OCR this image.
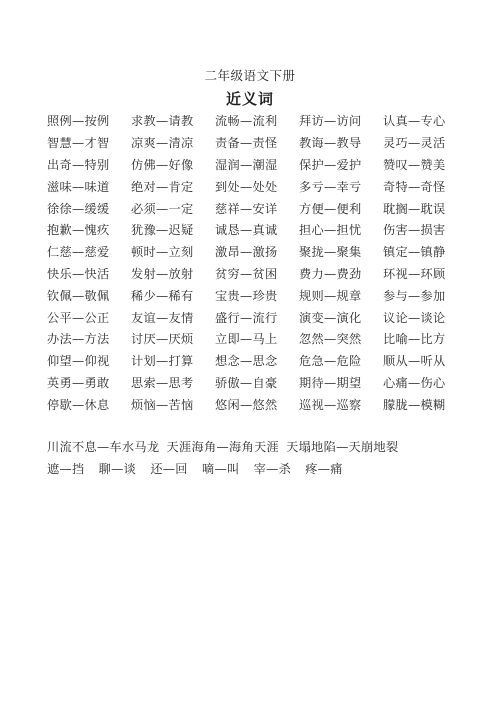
二年级语文下册
近义词
照例—按例	求教—请教	流畅—流利	拜访—访问	认真—专心
智慧—才智	凉爽—清凉	责备—责怪	教诲—教导	灵巧—灵活
出奇—特别	仿佛—好像	湿润—潮湿	保护—爱护	赞叹—赞美
滋味—味道	绝对—肯定	到处—处处	多亏—幸亏	奇特—奇怪
徐徐—缓缓	必须—一定	慈祥—安详	方便—便利	耽搁—耽误
抱歉—愧疚	犹豫—迟疑	诚恳—真诚	担心—担忧	伤害—损害
仁慈—慈爱	顿时—立刻	激昂—激扬	聚拢—聚集	镇定—镇静
快乐—快活	发射—放射	贫穷—贫困	费力—费劲	环视—环顾
钦佩—敬佩	稀少—稀有	宝贵—珍贵	规则—规章	参与—参加
公平—公正	友谊—友情	盛行—流行	演变—演化	议论—谈论
办法—方法	讨厌—厌烦	立即—马上	忽然—突然	比喻—比方
仰望—仰视	计划—打算	想念—思念	危急—危险	顺从—听从
英勇—勇敢	思索—思考	骄傲—自豪	期待—期望	心痛—伤心
停歇—休息	烦恼—苦恼	悠闲—悠然	巡视—巡察	朦胧—模糊
川流不息—车水马龙 天涯海角—海角天涯 天塌地陷—天崩地裂
遮—挡 聊—谈 还—回 嘀—叫 宰—杀 疼—痛
